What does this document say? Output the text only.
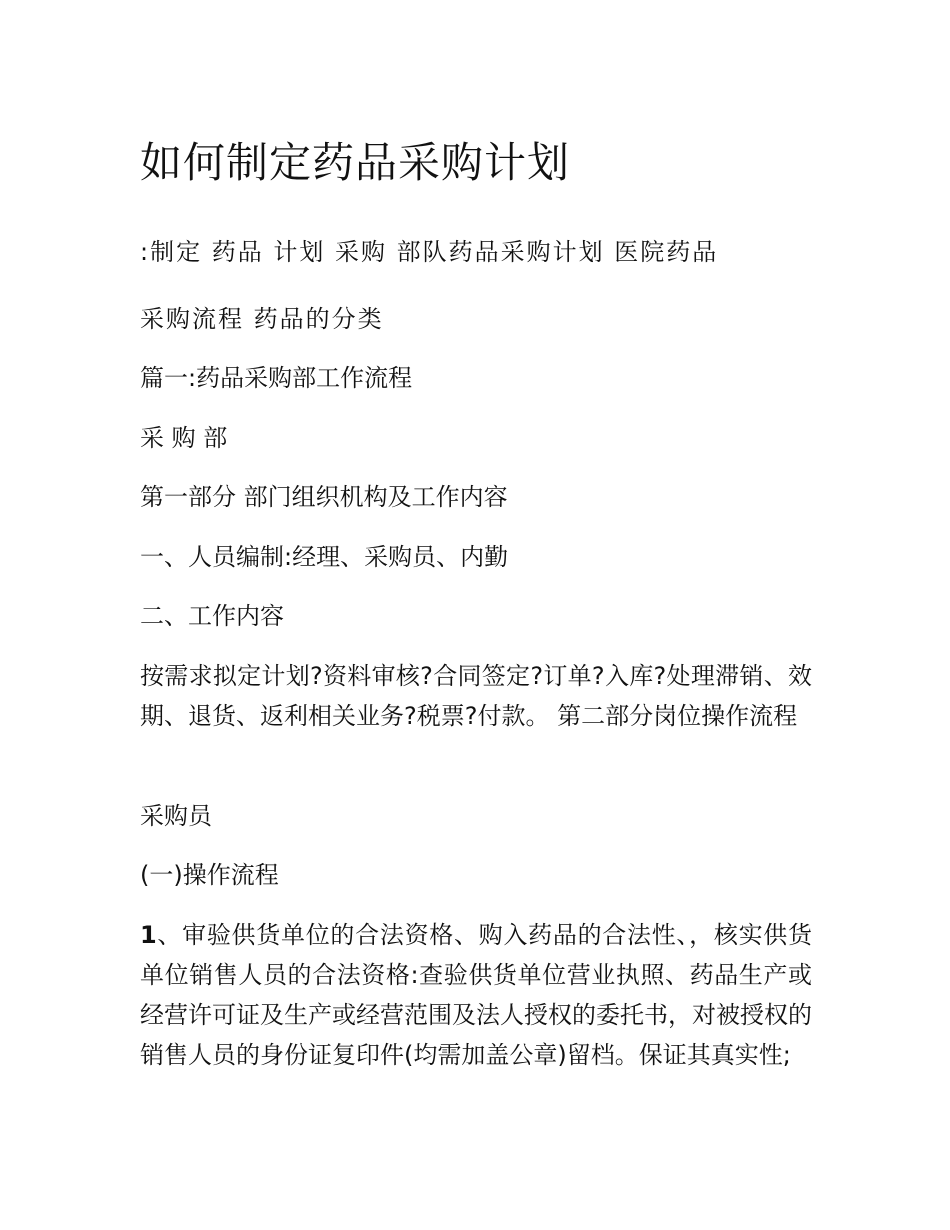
如何制定药品采购计划

:制定 药品 计划 采购 部队药品采购计划 医院药品

采购流程 药品的分类

篇一:药品采购部工作流程

采 购 部

第一部分 部门组织机构及工作内容

一、人员编制:经理、采购员、内勤

二、工作内容

按需求拟定计划?资料审核?合同签定?订单?入库?处理滞销、效期、退货、返利相关业务?税票?付款。 第二部分岗位操作流程

采购员

(一)操作流程

1、审验供货单位的合法资格、购入药品的合法性、，核实供货单位销售人员的合法资格:查验供货单位营业执照、药品生产或经营许可证及生产或经营范围及法人授权的委托书，对被授权的销售人员的身份证复印件(均需加盖公章)留档。保证其真实性;
